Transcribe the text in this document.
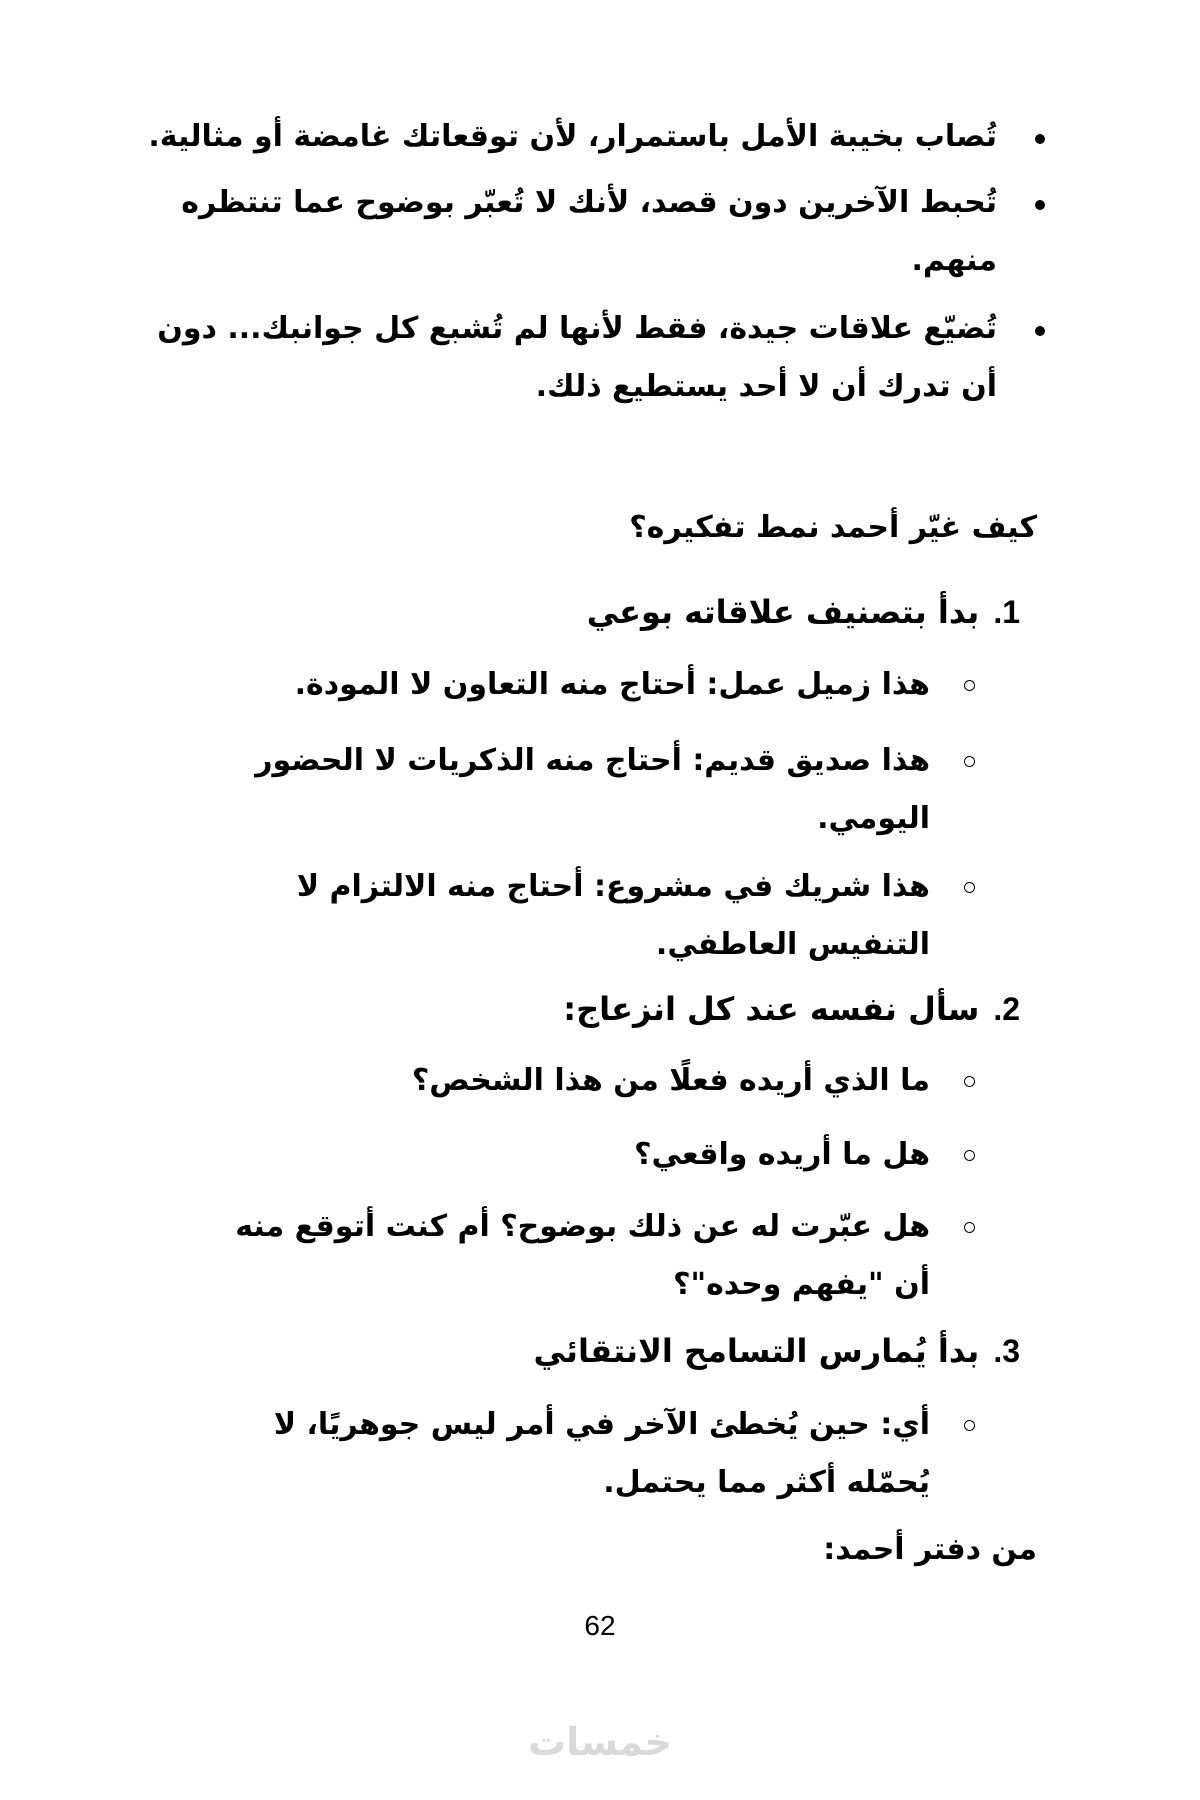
تُصاب بخيبة الأمل باستمرار، لأن توقعاتك غامضة أو مثالية.
تُحبط الآخرين دون قصد، لأنك لا تُعبّر بوضوح عما تنتظره منهم.
تُضيّع علاقات جيدة، فقط لأنها لم تُشبع كل جوانبك... دون أن تدرك أن لا أحد يستطيع ذلك.
كيف غيّر أحمد نمط تفكيره؟
1.
بدأ بتصنيف علاقاته بوعي
هذا زميل عمل: أحتاج منه التعاون لا المودة.
هذا صديق قديم: أحتاج منه الذكريات لا الحضور اليومي.
هذا شريك في مشروع: أحتاج منه الالتزام لا التنفيس العاطفي.
2.
سأل نفسه عند كل انزعاج:
ما الذي أريده فعلًا من هذا الشخص؟
هل ما أريده واقعي؟
هل عبّرت له عن ذلك بوضوح؟ أم كنت أتوقع منه أن "يفهم وحده"؟
3.
بدأ يُمارس التسامح الانتقائي
أي: حين يُخطئ الآخر في أمر ليس جوهريًا، لا يُحمّله أكثر مما يحتمل.
من دفتر أحمد:
62
خمسات
